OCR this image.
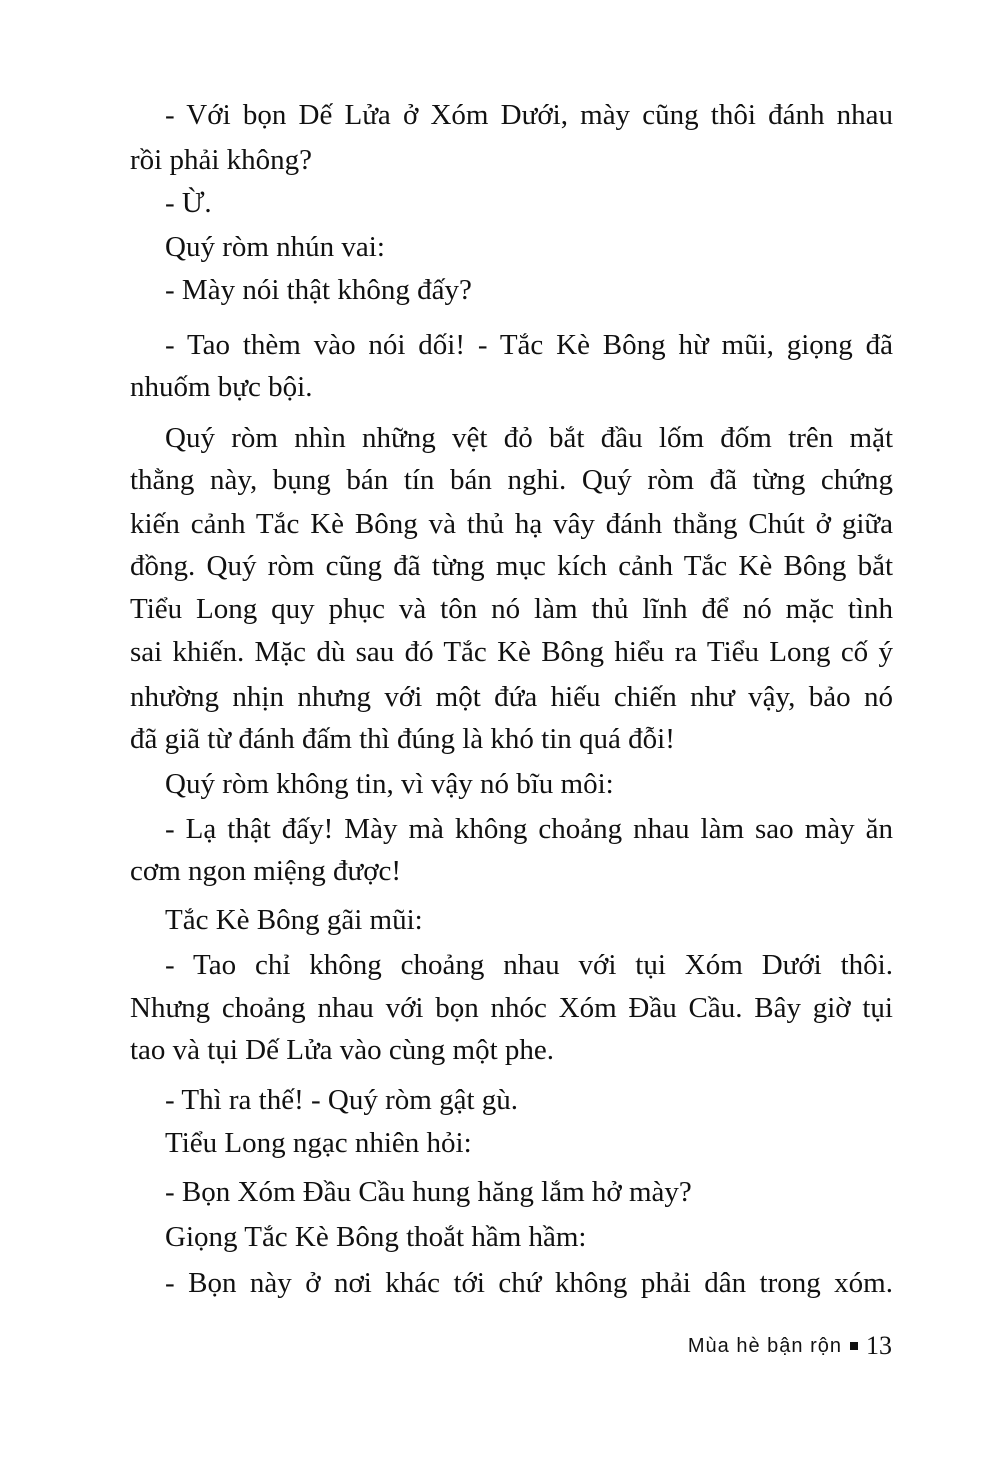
- Với bọn Dế Lửa ở Xóm Dưới, mày cũng thôi đánh nhau
rồi phải không?
- Ừ.
Quý ròm nhún vai:
- Mày nói thật không đấy?
- Tao thèm vào nói dối! - Tắc Kè Bông hừ mũi, giọng đã
nhuốm bực bội.
Quý ròm nhìn những vệt đỏ bắt đầu lốm đốm trên mặt
thằng này, bụng bán tín bán nghi. Quý ròm đã từng chứng
kiến cảnh Tắc Kè Bông và thủ hạ vây đánh thằng Chút ở giữa
đồng. Quý ròm cũng đã từng mục kích cảnh Tắc Kè Bông bắt
Tiểu Long quy phục và tôn nó làm thủ lĩnh để nó mặc tình
sai khiến. Mặc dù sau đó Tắc Kè Bông hiểu ra Tiểu Long cố ý
nhường nhịn nhưng với một đứa hiếu chiến như vậy, bảo nó
đã giã từ đánh đấm thì đúng là khó tin quá đỗi!
Quý ròm không tin, vì vậy nó bĩu môi:
- Lạ thật đấy! Mày mà không choảng nhau làm sao mày ăn
cơm ngon miệng được!
Tắc Kè Bông gãi mũi:
- Tao chỉ không choảng nhau với tụi Xóm Dưới thôi.
Nhưng choảng nhau với bọn nhóc Xóm Đầu Cầu. Bây giờ tụi
tao và tụi Dế Lửa vào cùng một phe.
- Thì ra thế! - Quý ròm gật gù.
Tiểu Long ngạc nhiên hỏi:
- Bọn Xóm Đầu Cầu hung hăng lắm hở mày?
Giọng Tắc Kè Bông thoắt hầm hầm:
- Bọn này ở nơi khác tới chứ không phải dân trong xóm.
Mùa hè bận rộn 13
